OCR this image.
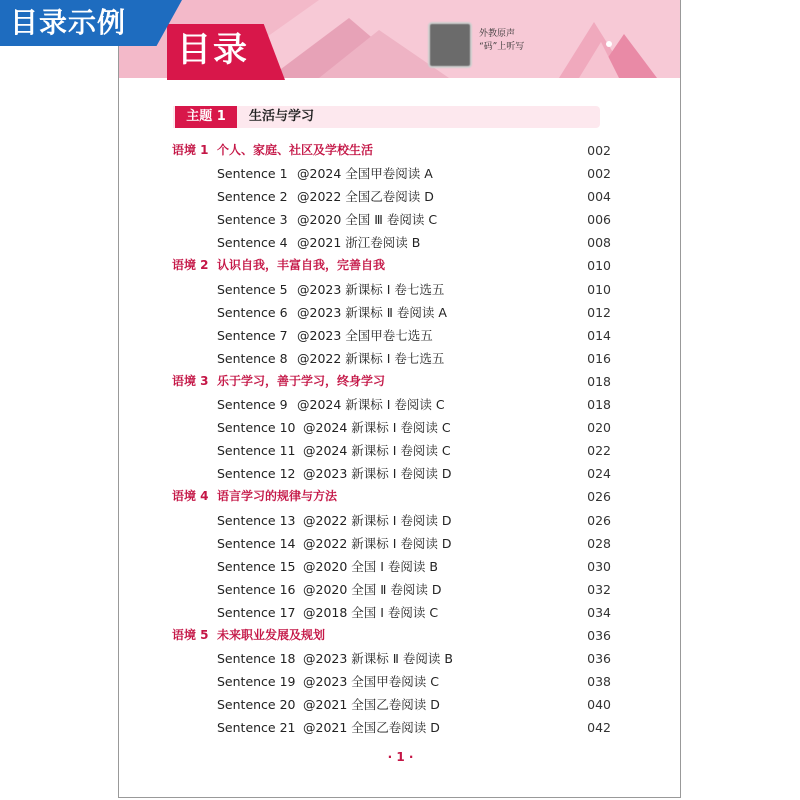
目录	外教原声
“码”上听写
主题 1	生活与学习
语境 1 个人、家庭、社区及学校生活	002
Sentence 1 @2024 全国甲卷阅读 A	002
Sentence 2 @2022 全国乙卷阅读 D	004
Sentence 3 @2020 全国 Ⅲ 卷阅读 C	006
Sentence 4 @2021 浙江卷阅读 B	008
语境 2 认识自我，丰富自我，完善自我	010
Sentence 5 @2023 新课标 Ⅰ 卷七选五	010
Sentence 6 @2023 新课标 Ⅱ 卷阅读 A	012
Sentence 7 @2023 全国甲卷七选五	014
Sentence 8 @2022 新课标 Ⅰ 卷七选五	016
语境 3 乐于学习，善于学习，终身学习	018
Sentence 9 @2024 新课标 Ⅰ 卷阅读 C	018
Sentence 10 @2024 新课标 Ⅰ 卷阅读 C	020
Sentence 11 @2024 新课标 Ⅰ 卷阅读 C	022
Sentence 12 @2023 新课标 Ⅰ 卷阅读 D	024
语境 4 语言学习的规律与方法	026
Sentence 13 @2022 新课标 Ⅰ 卷阅读 D	026
Sentence 14 @2022 新课标 Ⅰ 卷阅读 D	028
Sentence 15 @2020 全国 Ⅰ 卷阅读 B	030
Sentence 16 @2020 全国 Ⅱ 卷阅读 D	032
Sentence 17 @2018 全国 Ⅰ 卷阅读 C	034
语境 5 未来职业发展及规划	036
Sentence 18 @2023 新课标 Ⅱ 卷阅读 B	036
Sentence 19 @2023 全国甲卷阅读 C	038
Sentence 20 @2021 全国乙卷阅读 D	040
Sentence 21 @2021 全国乙卷阅读 D	042
· 1 ·
目录示例
